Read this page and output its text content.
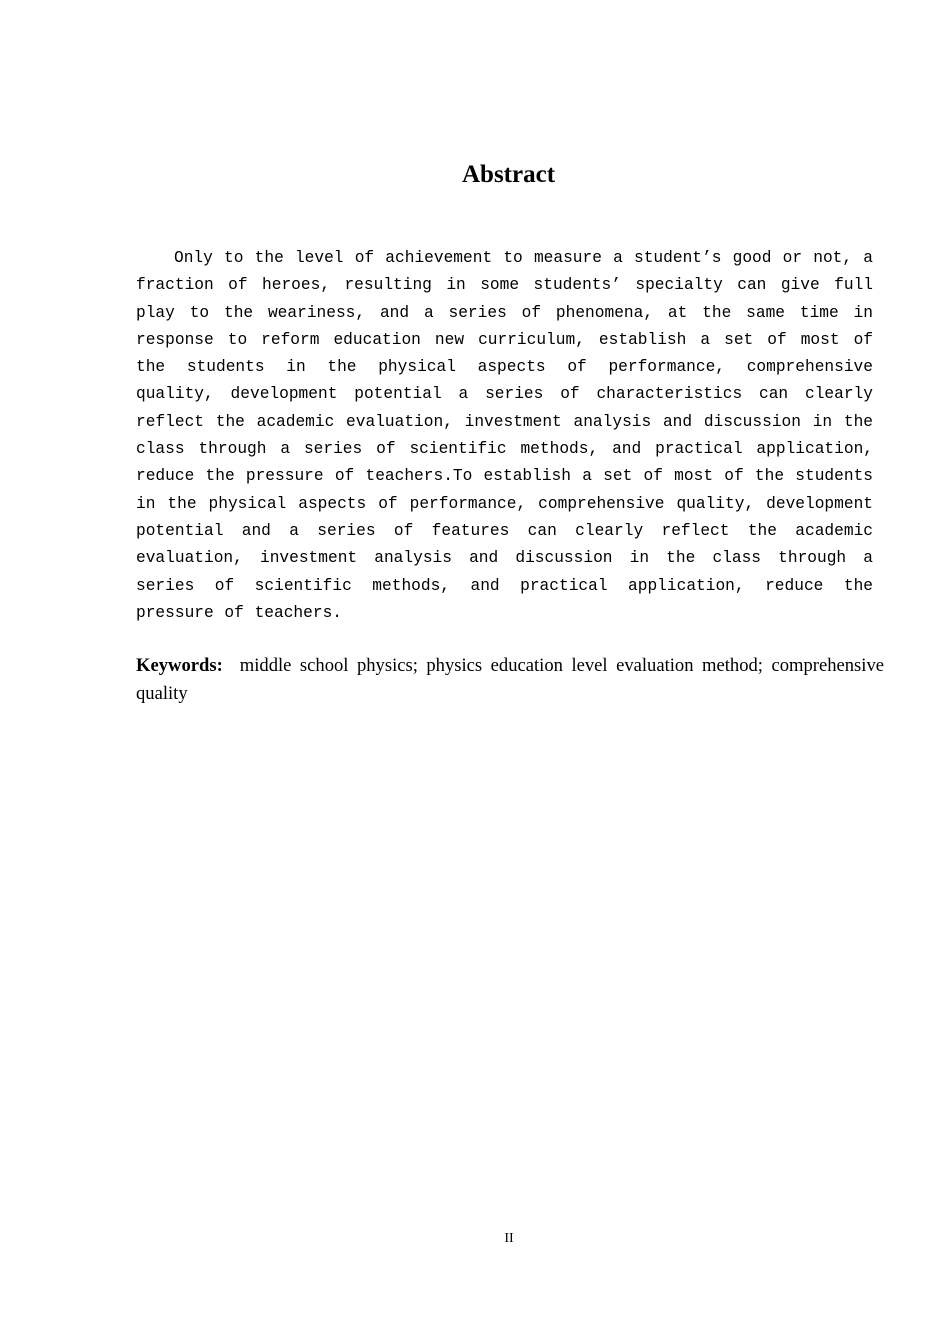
Abstract

Only to the level of achievement to measure a student’s good or not, a fraction of heroes, resulting in some students’ specialty can give full play to the weariness, and a series of phenomena, at the same time in response to reform education new curriculum, establish a set of most of the students in the physical aspects of performance, comprehensive quality, development potential a series of characteristics can clearly reflect the academic evaluation, investment analysis and discussion in the class through a series of scientific methods, and practical application, reduce the pressure of teachers.To establish a set of most of the students in the physical aspects of performance, comprehensive quality, development potential and a series of features can clearly reflect the academic evaluation, investment analysis and discussion in the class through a series of scientific methods, and practical application, reduce the pressure of teachers.

Keywords: middle school physics; physics education level evaluation method; comprehensive quality

II
